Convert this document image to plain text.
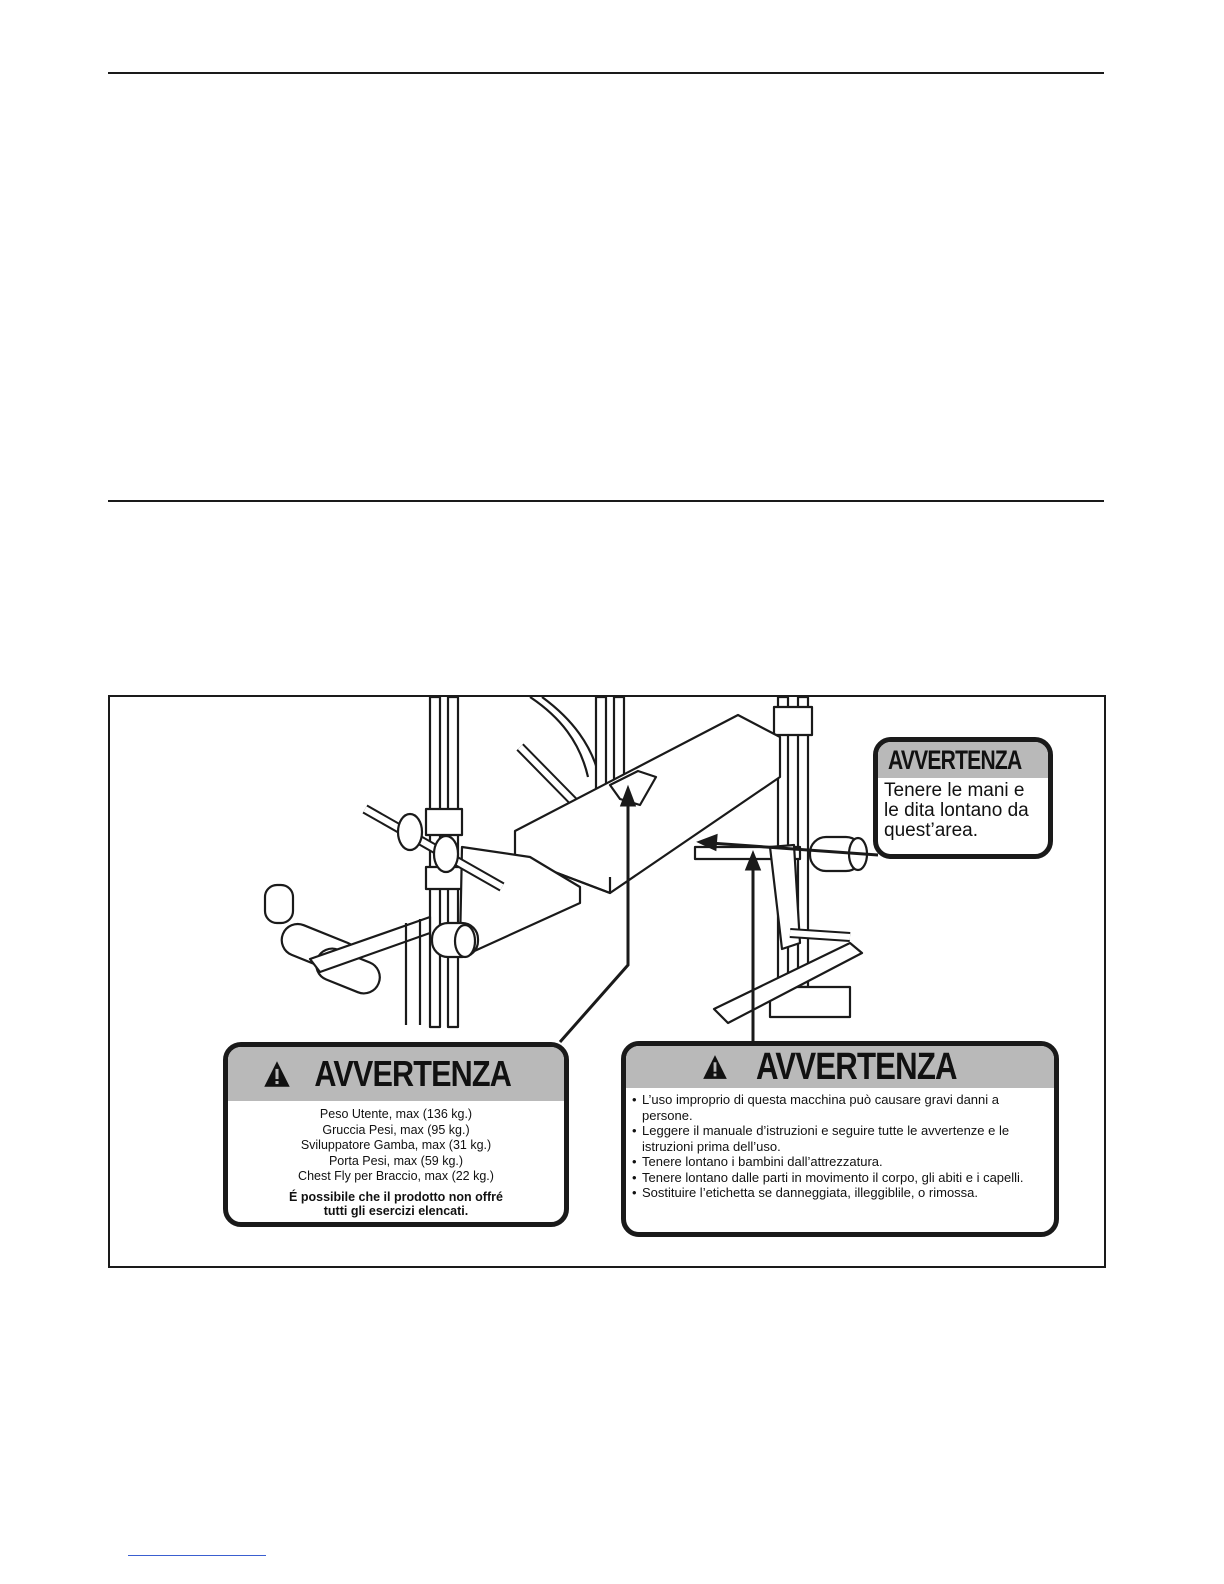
AVVERTENZA
Tenere le mani e
le dita lontano da
quest’area.
AVVERTENZA
Peso Utente, max (136 kg.)
Gruccia Pesi, max (95 kg.)
Sviluppatore Gamba, max (31 kg.)
Porta Pesi, max (59 kg.)
Chest Fly per Braccio, max (22 kg.)
É possibile che il prodotto non offré
tutti gli esercizi elencati.
AVVERTENZA
• L’uso improprio di questa macchina può causare gravi danni a persone.
• Leggere il manuale d’istruzioni e seguire tutte le avvertenze e le istruzioni prima dell’uso.
• Tenere lontano i bambini dall’attrezzatura.
• Tenere lontano dalle parti in movimento il corpo, gli abiti e i capelli.
• Sostituire l’etichetta se danneggiata, illeggiblile, o rimossa.
